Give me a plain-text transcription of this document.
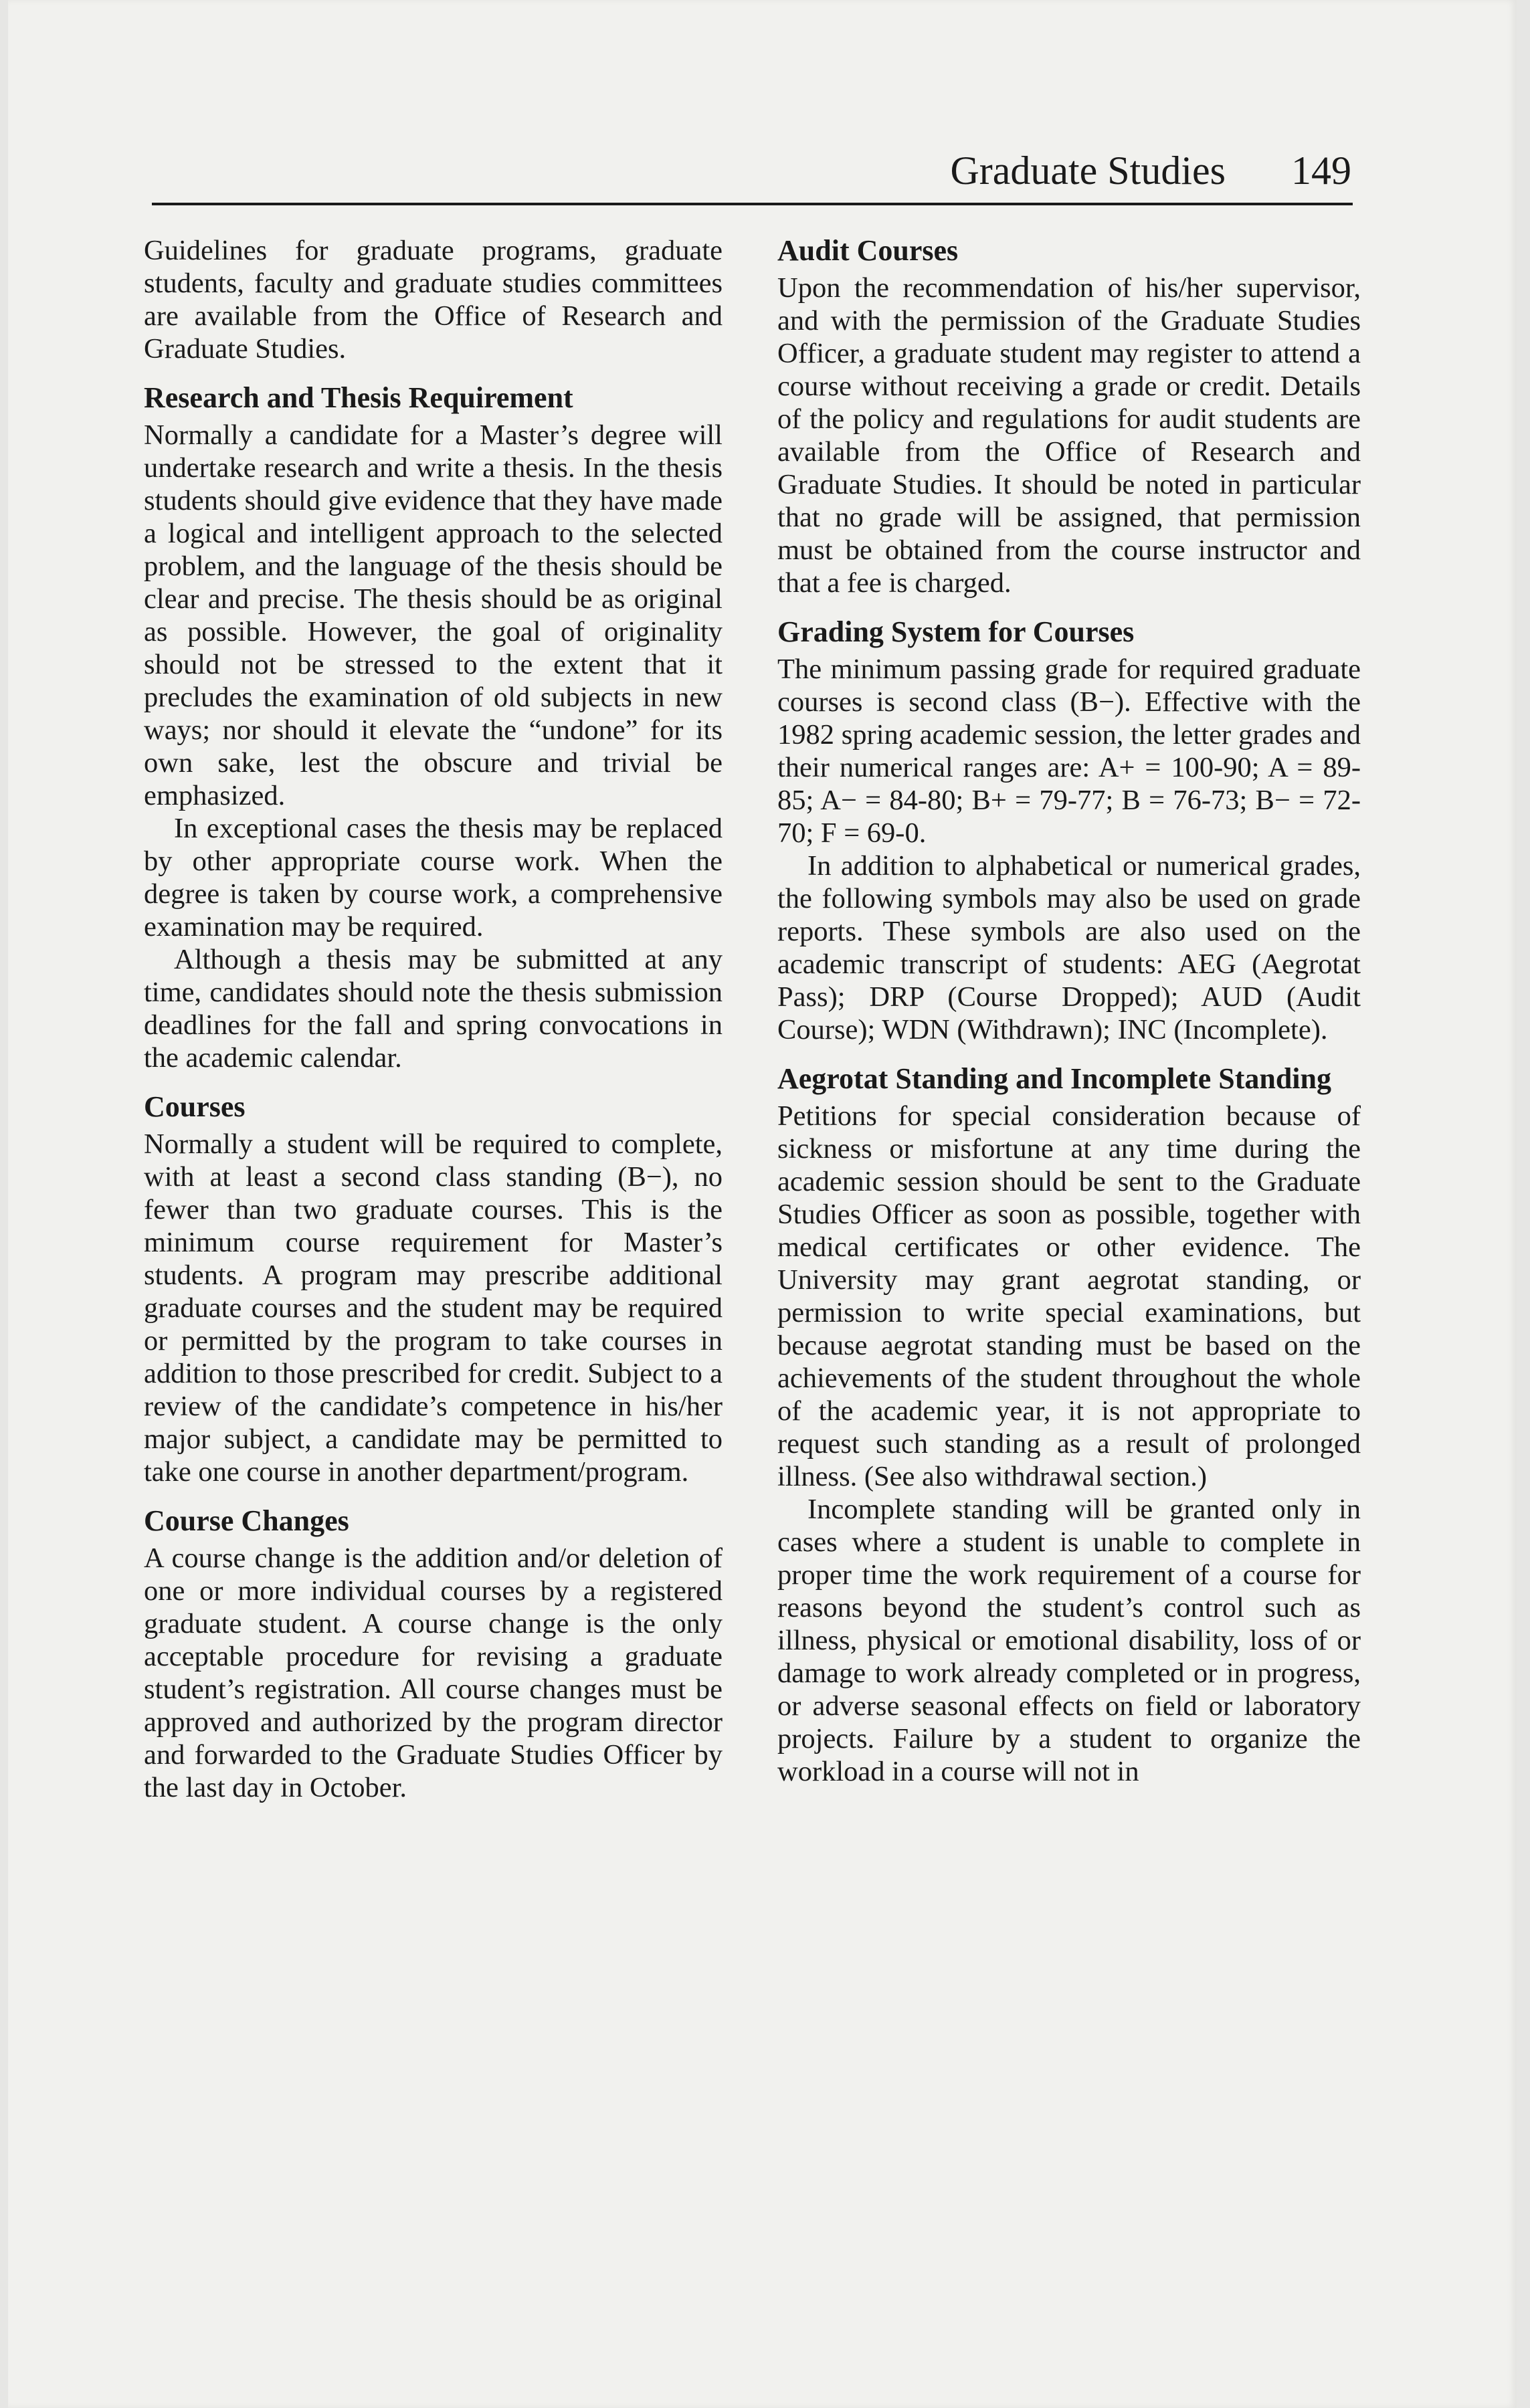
Graduate Studies 149

Guidelines for graduate programs, graduate students, faculty and graduate studies committees are available from the Office of Research and Graduate Studies.

Research and Thesis Requirement

Normally a candidate for a Master’s degree will undertake research and write a thesis. In the thesis students should give evidence that they have made a logical and intelligent approach to the selected problem, and the language of the thesis should be clear and precise. The thesis should be as original as possible. However, the goal of originality should not be stressed to the extent that it precludes the examination of old subjects in new ways; nor should it elevate the “undone” for its own sake, lest the obscure and trivial be emphasized.

In exceptional cases the thesis may be replaced by other appropriate course work. When the degree is taken by course work, a comprehensive examination may be required.

Although a thesis may be submitted at any time, candidates should note the thesis submission deadlines for the fall and spring convocations in the academic calendar.

Courses

Normally a student will be required to complete, with at least a second class standing (B−), no fewer than two graduate courses. This is the minimum course requirement for Master’s students. A program may prescribe additional graduate courses and the student may be required or permitted by the program to take courses in addition to those prescribed for credit. Subject to a review of the candidate’s competence in his/her major subject, a candidate may be permitted to take one course in another department/program.

Course Changes

A course change is the addition and/or deletion of one or more individual courses by a registered graduate student. A course change is the only acceptable procedure for revising a graduate student’s registration. All course changes must be approved and authorized by the program director and forwarded to the Graduate Studies Officer by the last day in October.

Audit Courses

Upon the recommendation of his/her supervisor, and with the permission of the Graduate Studies Officer, a graduate student may register to attend a course without receiving a grade or credit. Details of the policy and regulations for audit students are available from the Office of Research and Graduate Studies. It should be noted in particular that no grade will be assigned, that permission must be obtained from the course instructor and that a fee is charged.

Grading System for Courses

The minimum passing grade for required graduate courses is second class (B−). Effective with the 1982 spring academic session, the letter grades and their numerical ranges are: A+ = 100-90; A = 89-85; A− = 84-80; B+ = 79-77; B = 76-73; B− = 72-70; F = 69-0.

In addition to alphabetical or numerical grades, the following symbols may also be used on grade reports. These symbols are also used on the academic transcript of students: AEG (Aegrotat Pass); DRP (Course Dropped); AUD (Audit Course); WDN (Withdrawn); INC (Incomplete).

Aegrotat Standing and Incomplete Standing

Petitions for special consideration because of sickness or misfortune at any time during the academic session should be sent to the Graduate Studies Officer as soon as possible, together with medical certificates or other evidence. The University may grant aegrotat standing, or permission to write special examinations, but because aegrotat standing must be based on the achievements of the student throughout the whole of the academic year, it is not appropriate to request such standing as a result of prolonged illness. (See also withdrawal section.)

Incomplete standing will be granted only in cases where a student is unable to complete in proper time the work requirement of a course for reasons beyond the student’s control such as illness, physical or emotional disability, loss of or damage to work already completed or in progress, or adverse seasonal effects on field or laboratory projects. Failure by a student to organize the workload in a course will not in
